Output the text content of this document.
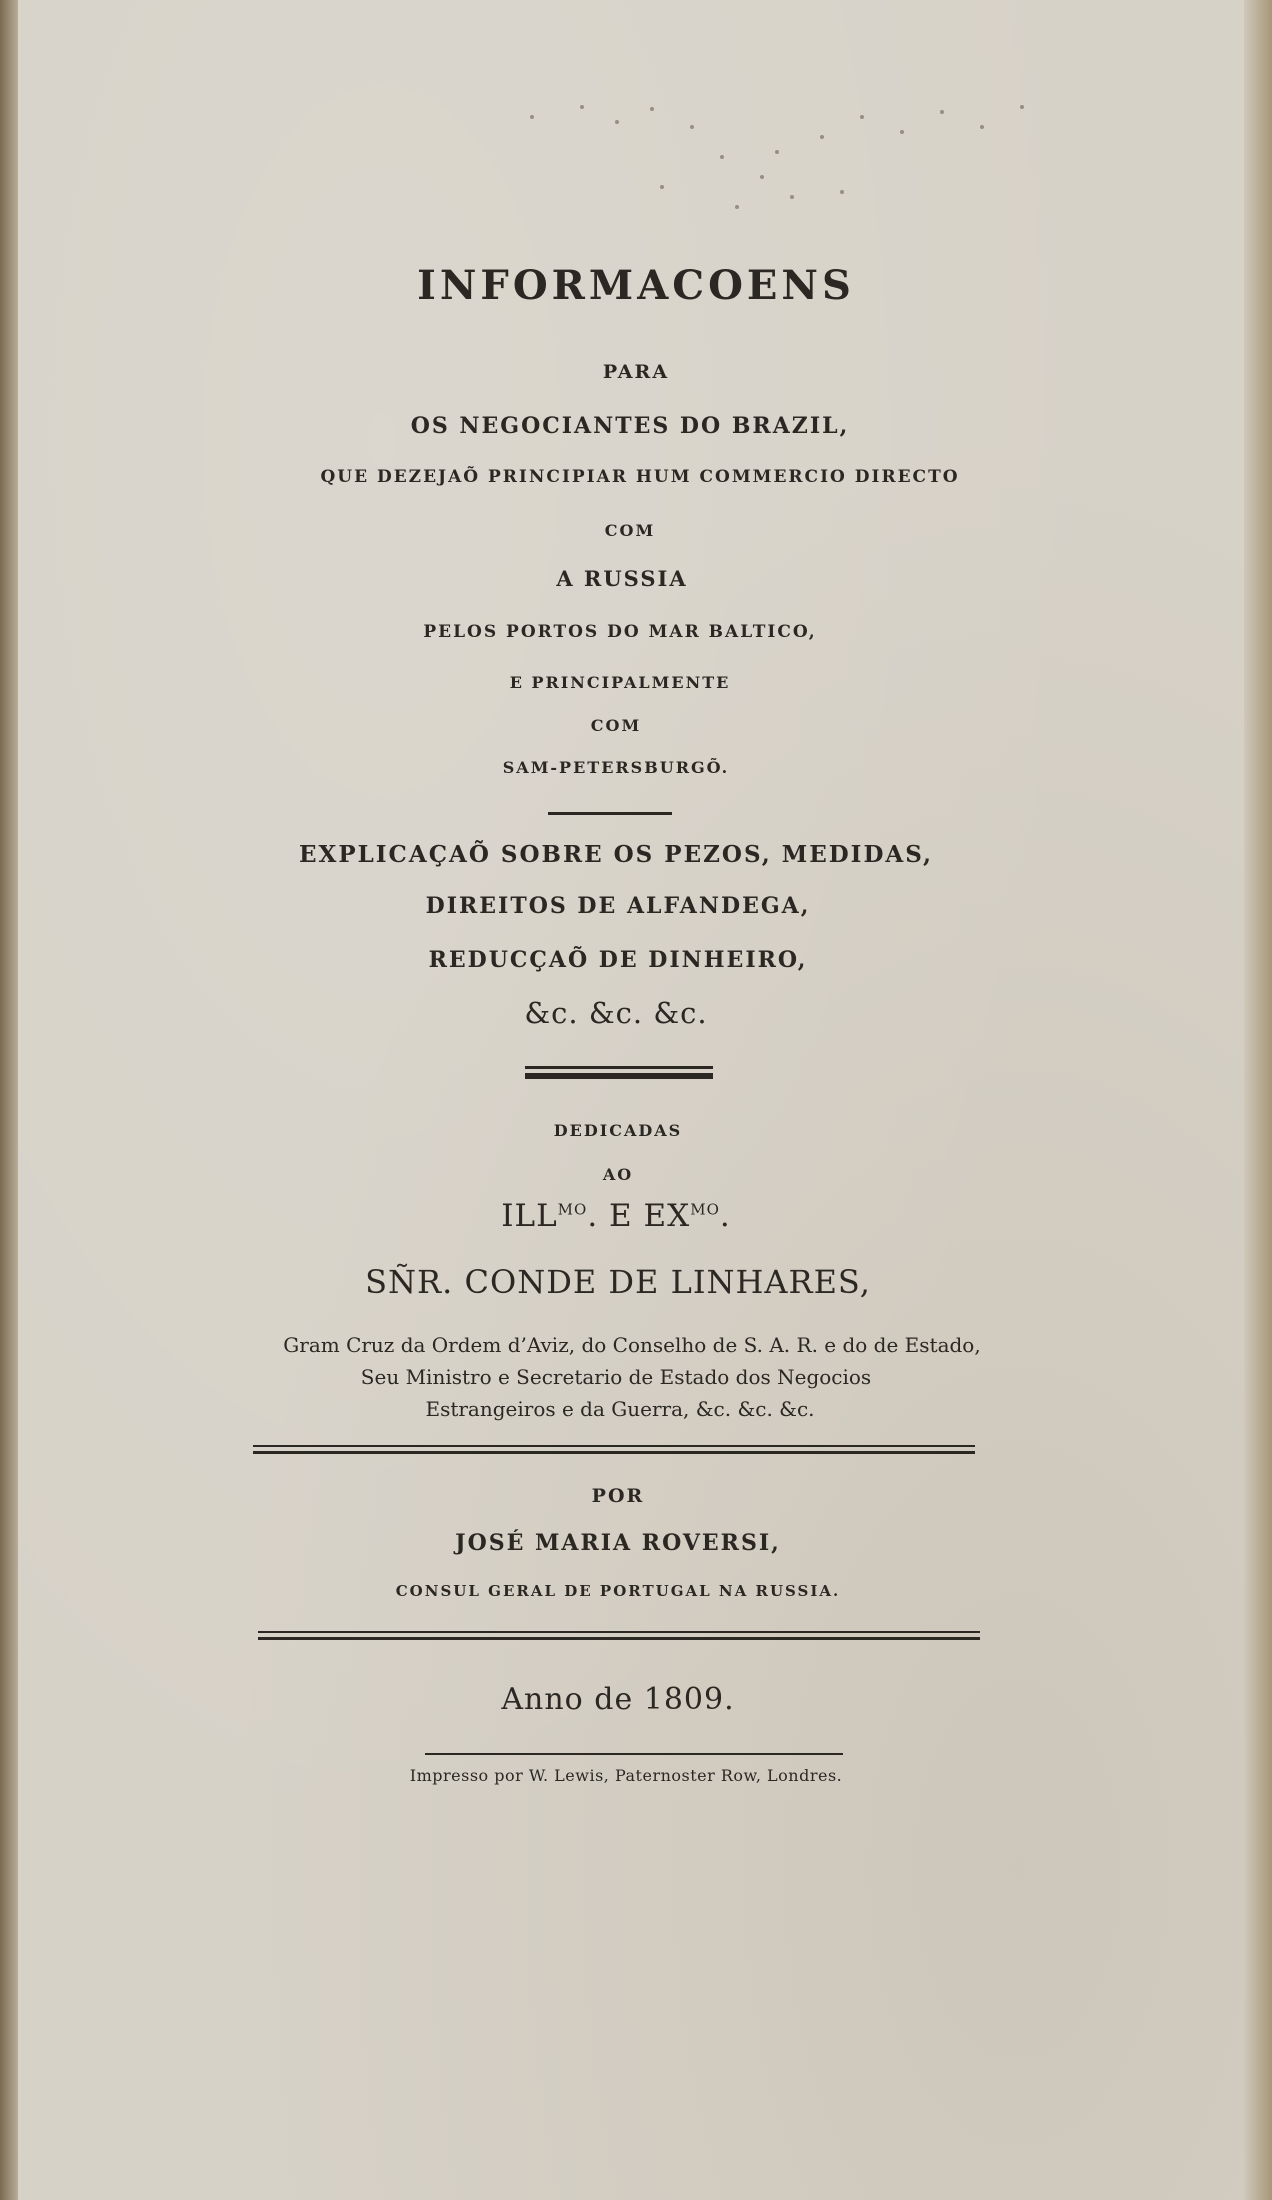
INFORMACOENS
PARA
OS NEGOCIANTES DO BRAZIL,
QUE DEZEJAÕ PRINCIPIAR HUM COMMERCIO DIRECTO
COM
A RUSSIA
PELOS PORTOS DO MAR BALTICO,
E PRINCIPALMENTE
COM
SAM-PETERSBURGÕ.
EXPLICAÇAÕ SOBRE OS PEZOS, MEDIDAS,
DIREITOS DE ALFANDEGA,
REDUCÇAÕ DE DINHEIRO,
&c. &c. &c.
DEDICADAS
AO
$ILL^{MO}$. E $EX^{MO}$.
SÑR. CONDE DE LINHARES,
Gram Cruz da Ordem d’Aviz, do Conselho de S. A. R. e do de Estado,
Seu Ministro e Secretario de Estado dos Negocios
Estrangeiros e da Guerra, &c. &c. &c.
POR
JOSÉ MARIA ROVERSI,
CONSUL GERAL DE PORTUGAL NA RUSSIA.
Anno de 1809.
Impresso por W. Lewis, Paternoster Row, Londres.
